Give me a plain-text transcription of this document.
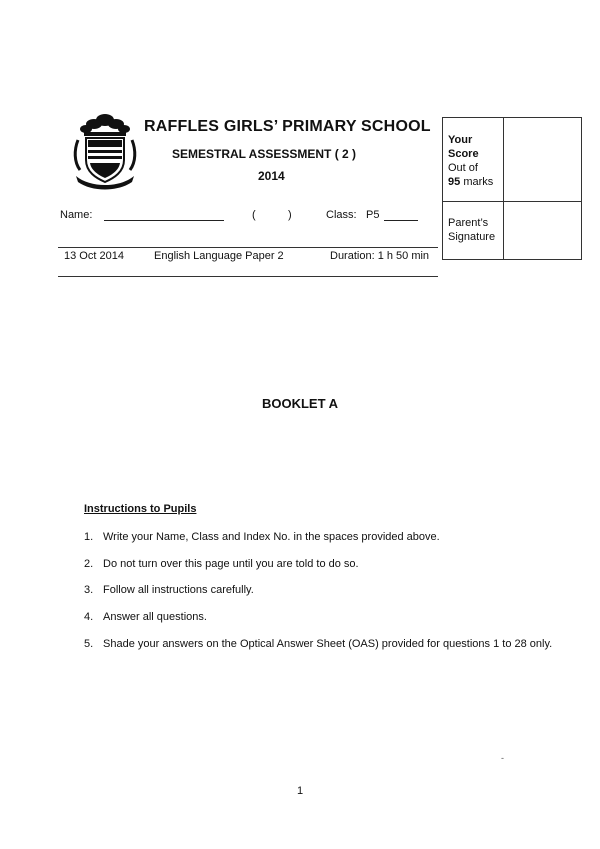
RAFFLES GIRLS’ PRIMARY SCHOOL
SEMESTRAL ASSESSMENT ( 2 )
2014
Name:	(	)	Class: P5
13 Oct 2014	English Language Paper 2	Duration: 1 h 50 min
Your
Score
Out of
95 marks
Parent’s
Signature
BOOKLET A
Instructions to Pupils
1. Write your Name, Class and Index No. in the spaces provided above.
2. Do not turn over this page until you are told to do so.
3. Follow all instructions carefully.
4. Answer all questions.
5. Shade your answers on the Optical Answer Sheet (OAS) provided for questions 1 to 28 only.
-
1
